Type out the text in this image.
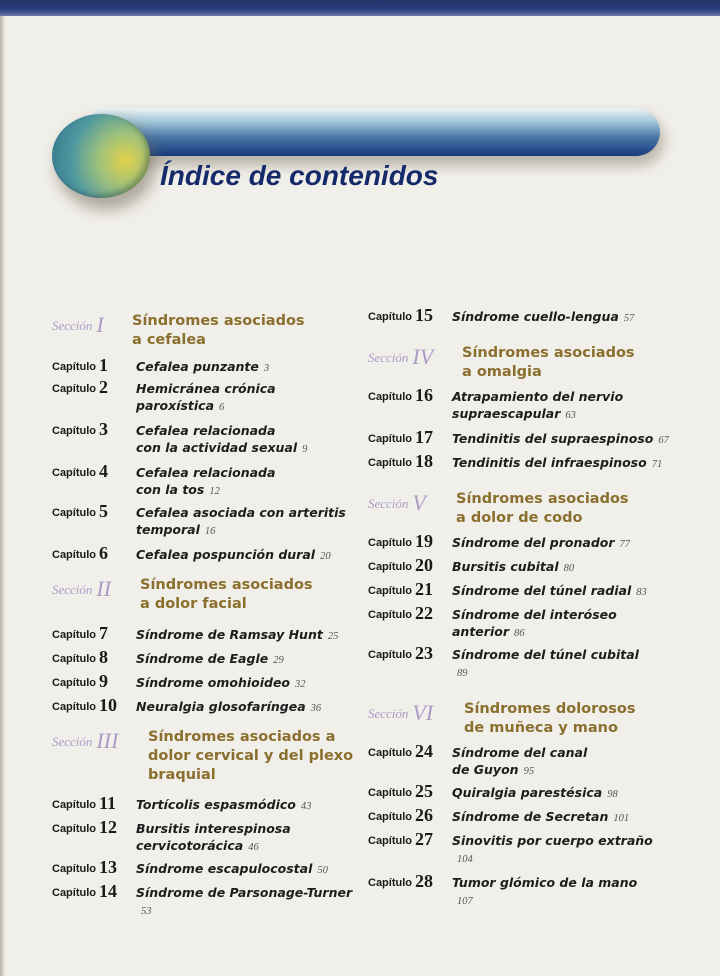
Índice de contenidos
Sección I Síndromes asociados
a cefalea
Sección II Síndromes asociados
a dolor facial
Sección III Síndromes asociados a
dolor cervical y del plexo
braquial
Capítulo 1 Cefalea punzante 3
Capítulo 2 Hemicránea crónica
paroxística 6
Capítulo 3 Cefalea relacionada
con la actividad sexual 9
Capítulo 4 Cefalea relacionada
con la tos 12
Capítulo 5 Cefalea asociada con arteritis
temporal 16
Capítulo 6 Cefalea pospunción dural 20
Capítulo 7 Síndrome de Ramsay Hunt 25
Capítulo 8 Síndrome de Eagle 29
Capítulo 9 Síndrome omohioideo 32
Capítulo 10 Neuralgia glosofaríngea 36
Capítulo 11 Tortícolis espasmódico 43
Capítulo 12 Bursitis interespinosa
cervicotorácica 46
Capítulo 13 Síndrome escapulocostal 50
Capítulo 14 Síndrome de Parsonage-Turner
53
Sección IV Síndromes asociados
a omalgia
Sección V Síndromes asociados
a dolor de codo
Sección VI Síndromes dolorosos
de muñeca y mano
Capítulo 15 Síndrome cuello-lengua 57
Capítulo 16 Atrapamiento del nervio
supraescapular 63
Capítulo 17 Tendinitis del supraespinoso 67
Capítulo 18 Tendinitis del infraespinoso 71
Capítulo 19 Síndrome del pronador 77
Capítulo 20 Bursitis cubital 80
Capítulo 21 Síndrome del túnel radial 83
Capítulo 22 Síndrome del interóseo
anterior 86
Capítulo 23 Síndrome del túnel cubital
89
Capítulo 24 Síndrome del canal
de Guyon 95
Capítulo 25 Quiralgia parestésica 98
Capítulo 26 Síndrome de Secretan 101
Capítulo 27 Sinovitis por cuerpo extraño
104
Capítulo 28 Tumor glómico de la mano
107
